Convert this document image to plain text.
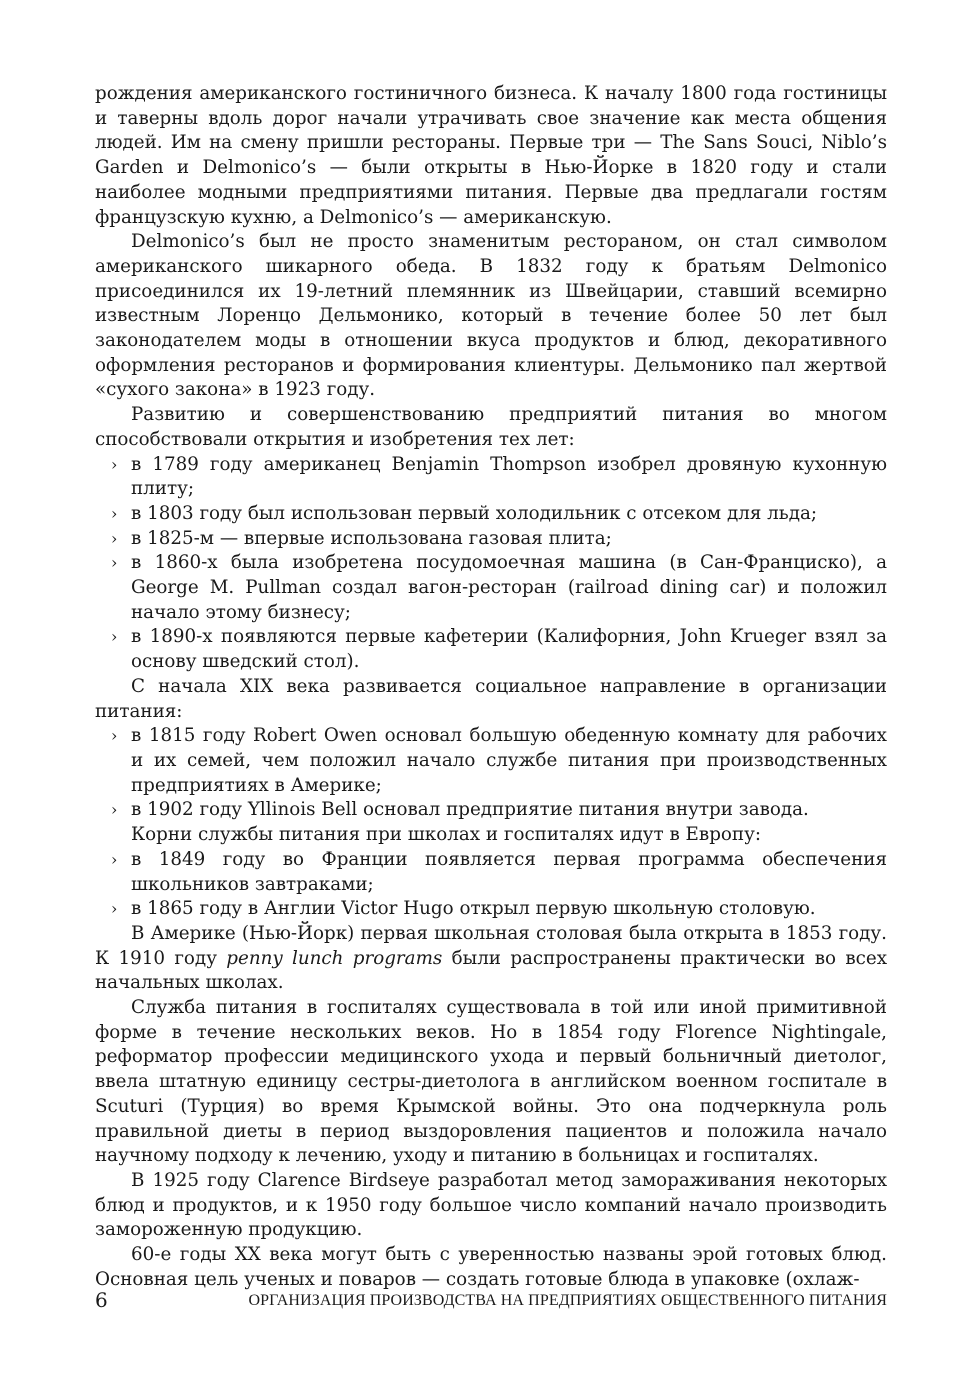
рождения американского гостиничного бизнеса. К началу 1800 года гостиницы и таверны вдоль дорог начали утрачивать свое значение как места общения людей. Им на смену пришли рестораны. Первые три — The Sans Souci, Niblo’s Garden и Delmonico’s — были открыты в Нью-Йорке в 1820 году и стали наиболее модными предприятиями питания. Первые два предлагали гостям французскую кухню, а Delmonico’s — американскую.

Delmonico’s был не просто знаменитым рестораном, он стал символом американского шикарного обеда. В 1832 году к братьям Delmonico присоединился их 19-летний племянник из Швейцарии, ставший всемирно известным Лоренцо Дельмонико, который в течение более 50 лет был законодателем моды в отношении вкуса продуктов и блюд, декоративного оформления ресторанов и формирования клиентуры. Дельмонико пал жертвой «сухого закона» в 1923 году.

Развитию и совершенствованию предприятий питания во многом способствовали открытия и изобретения тех лет:

› в 1789 году американец Benjamin Thompson изобрел дровяную кухонную плиту;
› в 1803 году был использован первый холодильник с отсеком для льда;
› в 1825-м — впервые использована газовая плита;
› в 1860-х была изобретена посудомоечная машина (в Сан-Франциско), а George M. Pullman создал вагон-ресторан (railroad dining car) и положил начало этому бизнесу;
› в 1890-х появляются первые кафетерии (Калифорния, John Krueger взял за основу шведский стол).

С начала XIX века развивается социальное направление в организации питания:

› в 1815 году Robert Owen основал большую обеденную комнату для рабочих и их семей, чем положил начало службе питания при производственных предприятиях в Америке;
› в 1902 году Yllinois Bell основал предприятие питания внутри завода.

Корни службы питания при школах и госпиталях идут в Европу:

› в 1849 году во Франции появляется первая программа обеспечения школьников завтраками;
› в 1865 году в Англии Victor Hugo открыл первую школьную столовую.

В Америке (Нью-Йорк) первая школьная столовая была открыта в 1853 году. К 1910 году penny lunch programs были распространены практически во всех начальных школах.

Служба питания в госпиталях существовала в той или иной примитивной форме в течение нескольких веков. Но в 1854 году Florence Nightingale, реформатор профессии медицинского ухода и первый больничный диетолог, ввела штатную единицу сестры-диетолога в английском военном госпитале в Scuturi (Турция) во время Крымской войны. Это она подчеркнула роль правильной диеты в период выздоровления пациентов и положила начало научному подходу к лечению, уходу и питанию в больницах и госпиталях.

В 1925 году Clarence Birdseye разработал метод замораживания некоторых блюд и продуктов, и к 1950 году большое число компаний начало производить замороженную продукцию.

60-е годы XX века могут быть с уверенностью названы эрой готовых блюд. Основная цель ученых и поваров — создать готовые блюда в упаковке (охлаж-

6	ОРГАНИЗАЦИЯ ПРОИЗВОДСТВА НА ПРЕДПРИЯТИЯХ ОБЩЕСТВЕННОГО ПИТАНИЯ
